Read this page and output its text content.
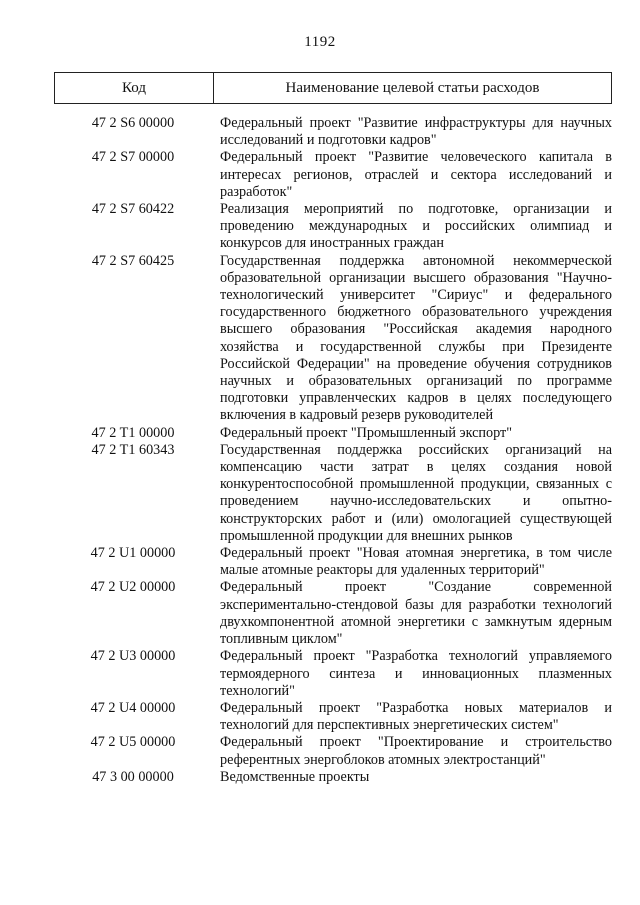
1192
Код	Наименование целевой статьи расходов
47 2 S6 00000	Федеральный проект "Развитие инфраструктуры для научных исследований и подготовки кадров"
47 2 S7 00000	Федеральный проект "Развитие человеческого капитала в интересах регионов, отраслей и сектора исследований и разработок"
47 2 S7 60422	Реализация мероприятий по подготовке, организации и проведению международных и российских олимпиад и конкурсов для иностранных граждан
47 2 S7 60425	Государственная поддержка автономной некоммерческой образовательной организации высшего образования "Научно-технологический университет "Сириус" и федерального государственного бюджетного образовательного учреждения высшего образования "Российская академия народного хозяйства и государственной службы при Президенте Российской Федерации" на проведение обучения сотрудников научных и образовательных организаций по программе подготовки управленческих кадров в целях последующего включения в кадровый резерв руководителей
47 2 T1 00000	Федеральный проект "Промышленный экспорт"
47 2 T1 60343	Государственная поддержка российских организаций на компенсацию части затрат в целях создания новой конкурентоспособной промышленной продукции, связанных с проведением научно-исследовательских и опытно-конструкторских работ и (или) омологацией существующей промышленной продукции для внешних рынков
47 2 U1 00000	Федеральный проект "Новая атомная энергетика, в том числе малые атомные реакторы для удаленных территорий"
47 2 U2 00000	Федеральный проект "Создание современной экспериментально-стендовой базы для разработки технологий двухкомпонентной атомной энергетики с замкнутым ядерным топливным циклом"
47 2 U3 00000	Федеральный проект "Разработка технологий управляемого термоядерного синтеза и инновационных плазменных технологий"
47 2 U4 00000	Федеральный проект "Разработка новых материалов и технологий для перспективных энергетических систем"
47 2 U5 00000	Федеральный проект "Проектирование и строительство референтных энергоблоков атомных электростанций"
47 3 00 00000	Ведомственные проекты
